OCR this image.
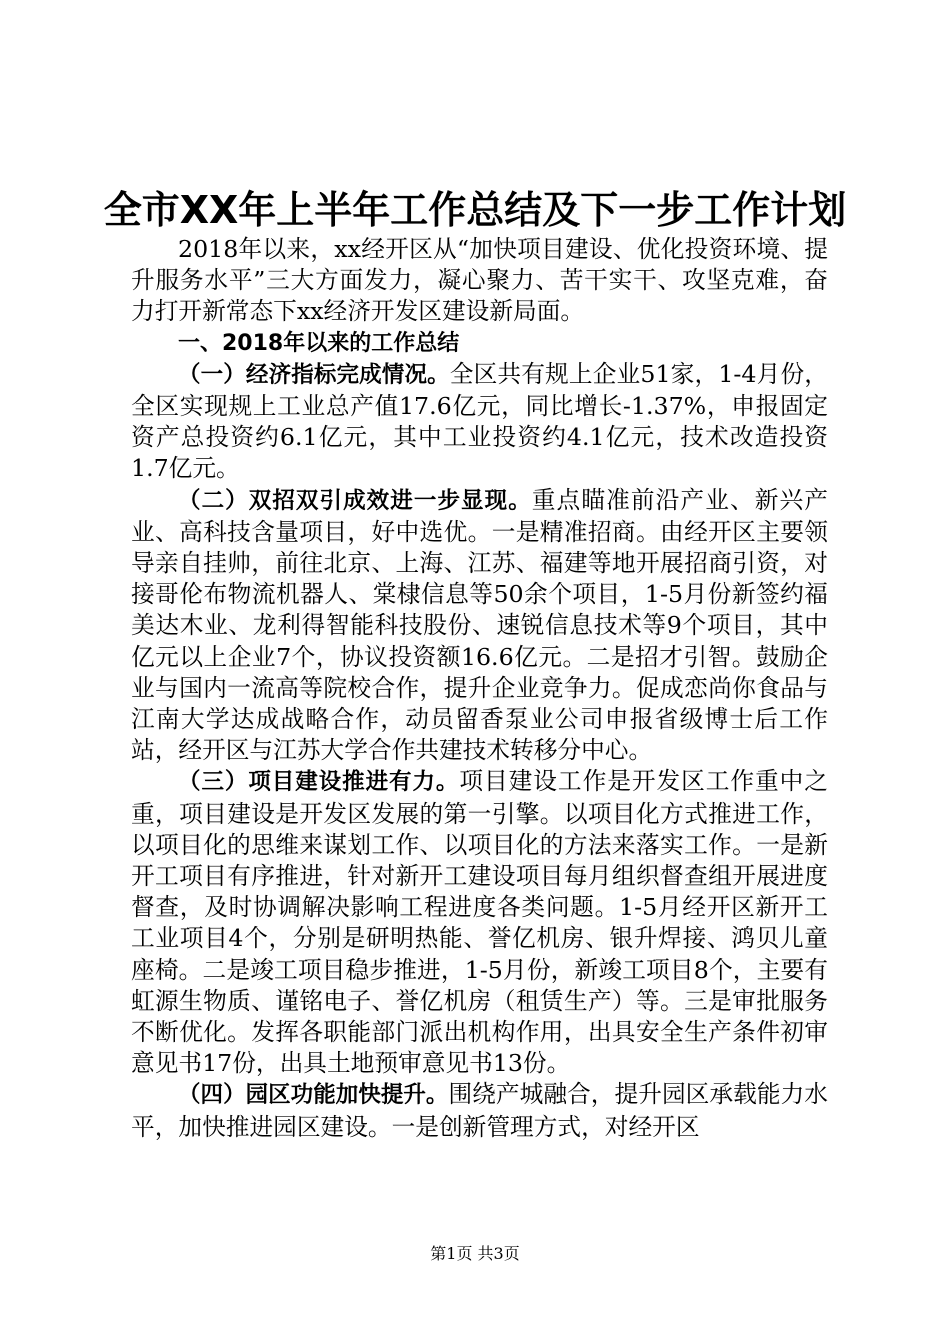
全市XX年上半年工作总结及下一步工作计划

2018年以来，xx经开区从“加快项目建设、优化投资环境、提升服务水平”三大方面发力，凝心聚力、苦干实干、攻坚克难，奋力打开新常态下xx经济开发区建设新局面。

一、2018年以来的工作总结

（一）经济指标完成情况。全区共有规上企业51家，1-4月份，全区实现规上工业总产值17.6亿元，同比增长-1.37%，申报固定资产总投资约6.1亿元，其中工业投资约4.1亿元，技术改造投资1.7亿元。

（二）双招双引成效进一步显现。重点瞄准前沿产业、新兴产业、高科技含量项目，好中选优。一是精准招商。由经开区主要领导亲自挂帅，前往北京、上海、江苏、福建等地开展招商引资，对接哥伦布物流机器人、棠棣信息等50余个项目，1-5月份新签约福美达木业、龙利得智能科技股份、速锐信息技术等9个项目，其中亿元以上企业7个，协议投资额16.6亿元。二是招才引智。鼓励企业与国内一流高等院校合作，提升企业竞争力。促成恋尚你食品与江南大学达成战略合作，动员留香泵业公司申报省级博士后工作站，经开区与江苏大学合作共建技术转移分中心。

（三）项目建设推进有力。项目建设工作是开发区工作重中之重，项目建设是开发区发展的第一引擎。以项目化方式推进工作，以项目化的思维来谋划工作、以项目化的方法来落实工作。一是新开工项目有序推进，针对新开工建设项目每月组织督查组开展进度督查，及时协调解决影响工程进度各类问题。1-5月经开区新开工工业项目4个，分别是研明热能、誉亿机房、银升焊接、鸿贝儿童座椅。二是竣工项目稳步推进，1-5月份，新竣工项目8个，主要有虹源生物质、谨铭电子、誉亿机房（租赁生产）等。三是审批服务不断优化。发挥各职能部门派出机构作用，出具安全生产条件初审意见书17份，出具土地预审意见书13份。

（四）园区功能加快提升。围绕产城融合，提升园区承载能力水平，加快推进园区建设。一是创新管理方式，对经开区

第1页 共3页
